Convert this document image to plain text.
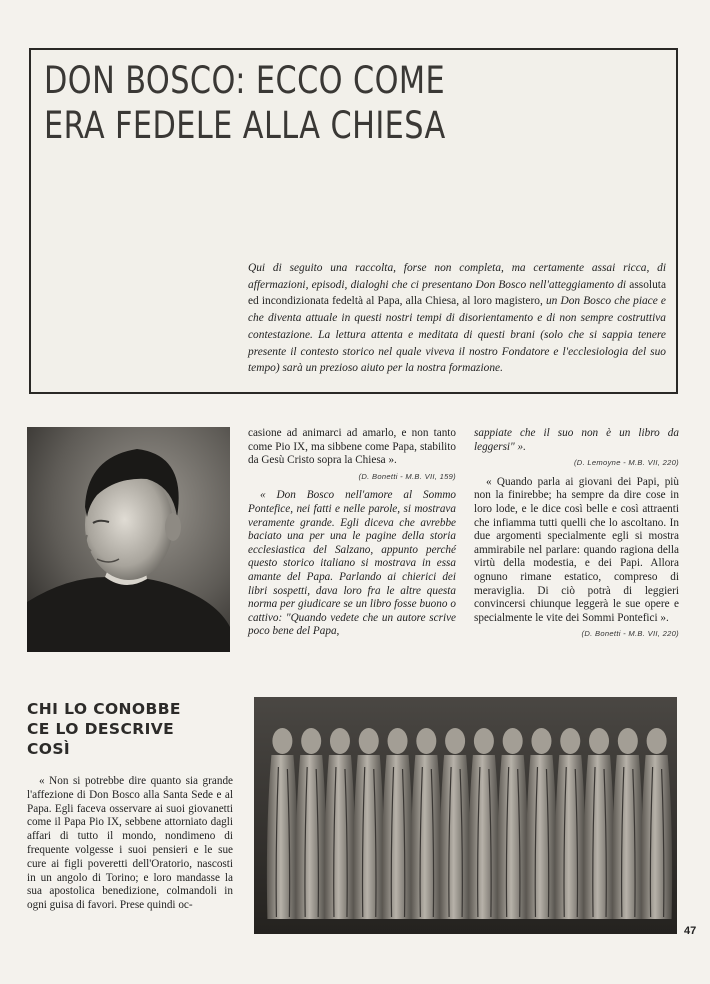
DON BOSCO: ECCO COME
ERA FEDELE ALLA CHIESA

Qui di seguito una raccolta, forse non completa, ma certamente assai ricca, di affermazioni, episodi, dialoghi che ci presentano Don Bosco nell'atteggiamento di assoluta ed incondizionata fedeltà al Papa, alla Chiesa, al loro magistero, un Don Bosco che piace e che diventa attuale in questi nostri tempi di disorientamento e di non sempre costruttiva contestazione. La lettura attenta e meditata di questi brani (solo che si sappia tenere presente il contesto storico nel quale viveva il nostro Fondatore e l'ecclesiologia del suo tempo) sarà un prezioso aiuto per la nostra formazione.

casione ad animarci ad amarlo, e non tanto come Pio IX, ma sibbene come Papa, stabilito da Gesù Cristo sopra la Chiesa ».

(D. Bonetti - M.B. VII, 159)

« Don Bosco nell'amore al Sommo Pontefice, nei fatti e nelle parole, si mostrava veramente grande. Egli diceva che avrebbe baciato una per una le pagine della storia ecclesiastica del Salzano, appunto perché questo storico italiano si mostrava in essa amante del Papa. Parlando ai chierici dei libri sospetti, dava loro fra le altre questa norma per giudicare se un libro fosse buono o cattivo: "Quando vedete che un autore scrive poco bene del Papa,

sappiate che il suo non è un libro da leggersi" ».

(D. Lemoyne - M.B. VII, 220)

« Quando parla ai giovani dei Papi, più non la finirebbe; ha sempre da dire cose in loro lode, e le dice così belle e così attraenti che infiamma tutti quelli che lo ascoltano. In due argomenti specialmente egli si mostra ammirabile nel parlare: quando ragiona della virtù della modestia, e dei Papi. Allora ognuno rimane estatico, compreso di meraviglia. Di ciò potrà di leggieri convincersi chiunque leggerà le sue opere e specialmente le vite dei Sommi Pontefici ».

(D. Bonetti - M.B. VII, 220)

CHI LO CONOBBE
CE LO DESCRIVE
COSÌ

« Non si potrebbe dire quanto sia grande l'affezione di Don Bosco alla Santa Sede e al Papa. Egli faceva osservare ai suoi giovanetti come il Papa Pio IX, sebbene attorniato dagli affari di tutto il mondo, nondimeno di frequente volgesse i suoi pensieri e le sue cure ai figli poveretti dell'Oratorio, nascosti in un angolo di Torino; e loro mandasse la sua apostolica benedizione, colmandoli in ogni guisa di favori. Prese quindi oc-

47
